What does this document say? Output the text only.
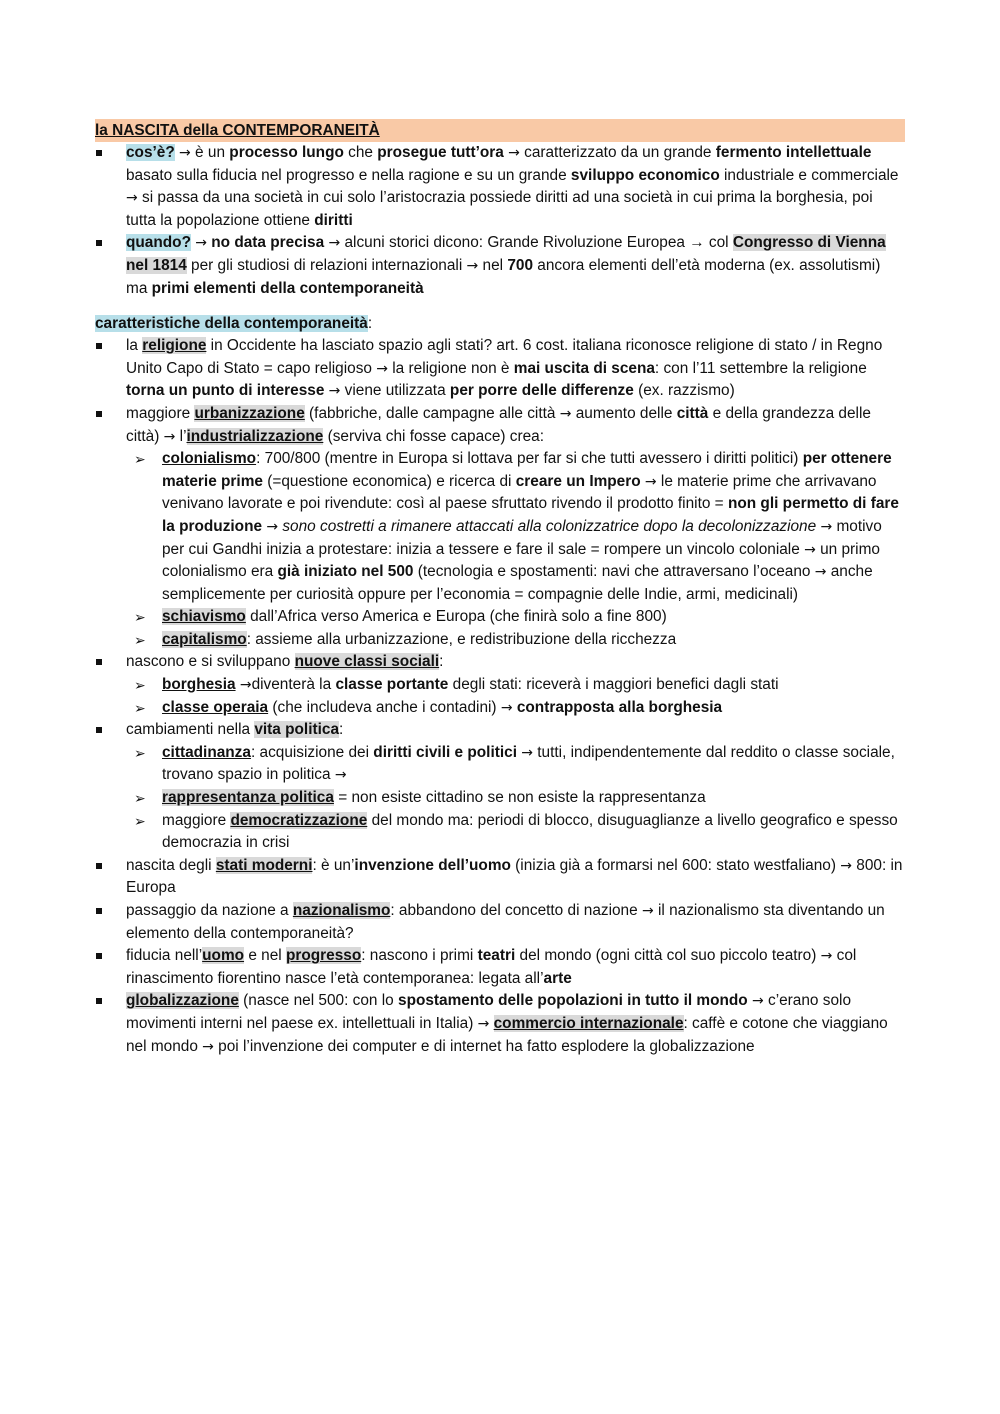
la NASCITA della CONTEMPORANEITÀ

cos’è? → è un processo lungo che prosegue tutt’ora → caratterizzato da un grande fermento intellettuale basato sulla fiducia nel progresso e nella ragione e su un grande sviluppo economico industriale e commerciale → si passa da una società in cui solo l’aristocrazia possiede diritti ad una società in cui prima la borghesia, poi tutta la popolazione ottiene diritti
quando? → no data precisa → alcuni storici dicono: Grande Rivoluzione Europea → col Congresso di Vienna nel 1814 per gli studiosi di relazioni internazionali → nel 700 ancora elementi dell’età moderna (ex. assolutismi) ma primi elementi della contemporaneità
caratteristiche della contemporaneità:
la religione in Occidente ha lasciato spazio agli stati? art. 6 cost. italiana riconosce religione di stato / in Regno Unito Capo di Stato = capo religioso → la religione non è mai uscita di scena: con l’11 settembre la religione torna un punto di interesse → viene utilizzata per porre delle differenze (ex. razzismo)
maggiore urbanizzazione (fabbriche, dalle campagne alle città → aumento delle città e della grandezza delle città) → l’industrializzazione (serviva chi fosse capace) crea:
➢ colonialismo: 700/800 (mentre in Europa si lottava per far si che tutti avessero i diritti politici) per ottenere materie prime (=questione economica) e ricerca di creare un Impero → le materie prime che arrivavano venivano lavorate e poi rivendute: così al paese sfruttato rivendo il prodotto finito = non gli permetto di fare la produzione → sono costretti a rimanere attaccati alla colonizzatrice dopo la decolonizzazione → motivo per cui Gandhi inizia a protestare: inizia a tessere e fare il sale = rompere un vincolo coloniale → un primo colonialismo era già iniziato nel 500 (tecnologia e spostamenti: navi che attraversano l’oceano → anche semplicemente per curiosità oppure per l’economia = compagnie delle Indie, armi, medicinali)
➢ schiavismo dall’Africa verso America e Europa (che finirà solo a fine 800)
➢ capitalismo: assieme alla urbanizzazione, e redistribuzione della ricchezza
nascono e si sviluppano nuove classi sociali:
➢ borghesia →diventerà la classe portante degli stati: riceverà i maggiori benefici dagli stati
➢ classe operaia (che includeva anche i contadini) → contrapposta alla borghesia
cambiamenti nella vita politica:
➢ cittadinanza: acquisizione dei diritti civili e politici → tutti, indipendentemente dal reddito o classe sociale, trovano spazio in politica →
➢ rappresentanza politica = non esiste cittadino se non esiste la rappresentanza
➢ maggiore democratizzazione del mondo ma: periodi di blocco, disuguaglianze a livello geografico e spesso democrazia in crisi
nascita degli stati moderni: è un’invenzione dell’uomo (inizia già a formarsi nel 600: stato westfaliano) → 800: in Europa
passaggio da nazione a nazionalismo: abbandono del concetto di nazione → il nazionalismo sta diventando un elemento della contemporaneità?
fiducia nell’uomo e nel progresso: nascono i primi teatri del mondo (ogni città col suo piccolo teatro) → col rinascimento fiorentino nasce l’età contemporanea: legata all’arte
globalizzazione (nasce nel 500: con lo spostamento delle popolazioni in tutto il mondo → c’erano solo movimenti interni nel paese ex. intellettuali in Italia) → commercio internazionale: caffè e cotone che viaggiano nel mondo → poi l’invenzione dei computer e di internet ha fatto esplodere la globalizzazione
